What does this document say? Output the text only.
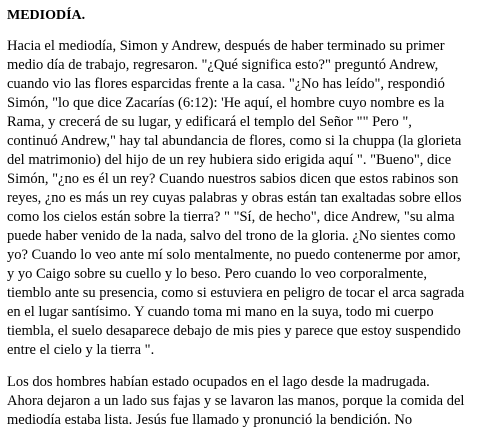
MEDIODÍA.

Hacia el mediodía, Simon y Andrew, después de haber terminado su primer medio día de trabajo, regresaron. "¿Qué significa esto?" preguntó Andrew, cuando vio las flores esparcidas frente a la casa. "¿No has leído", respondió Simón, "lo que dice Zacarías (6:12): 'He aquí, el hombre cuyo nombre es la Rama, y crecerá de su lugar, y edificará el templo del Señor "" Pero ", continuó Andrew," hay tal abundancia de flores, como si la chuppa (la glorieta del matrimonio) del hijo de un rey hubiera sido erigida aquí ". "Bueno", dice Simón, "¿no es él un rey? Cuando nuestros sabios dicen que estos rabinos son reyes, ¿no es más un rey cuyas palabras y obras están tan exaltadas sobre ellos como los cielos están sobre la tierra? " "Sí, de hecho", dice Andrew, "su alma puede haber venido de la nada, salvo del trono de la gloria. ¿No sientes como yo? Cuando lo veo ante mí solo mentalmente, no puedo contenerme por amor, y yo Caigo sobre su cuello y lo beso. Pero cuando lo veo corporalmente, tiemblo ante su presencia, como si estuviera en peligro de tocar el arca sagrada en el lugar santísimo. Y cuando toma mi mano en la suya, todo mi cuerpo tiembla, el suelo desaparece debajo de mis pies y parece que estoy suspendido entre el cielo y la tierra ".

Los dos hombres habían estado ocupados en el lago desde la madrugada. Ahora dejaron a un lado sus fajas y se lavaron las manos, porque la comida del mediodía estaba lista. Jesús fue llamado y pronunció la bendición. No
